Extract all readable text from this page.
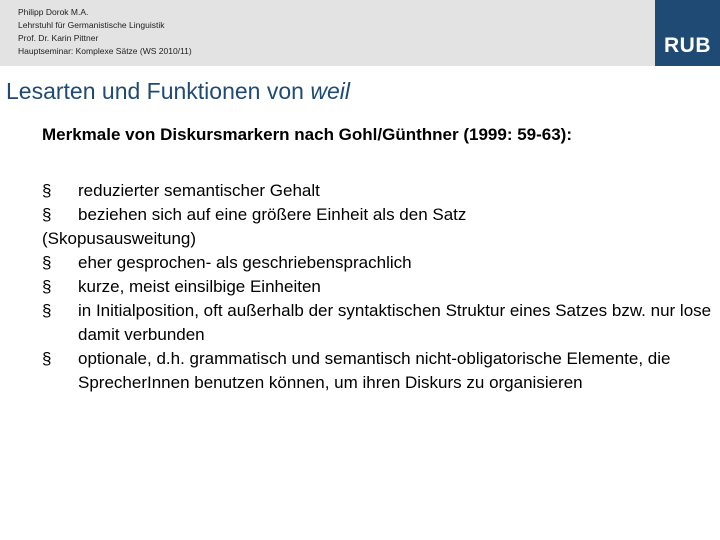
Philipp Dorok M.A.
Lehrstuhl für Germanistische Linguistik
Prof. Dr. Karin Pittner
Hauptseminar: Komplexe Sätze (WS 2010/11)	RUB
Lesarten und Funktionen von weil
Merkmale von Diskursmarkern nach Gohl/Günthner (1999: 59-63):
§	reduzierter semantischer Gehalt
§	beziehen sich auf eine größere Einheit als den Satz
(Skopusausweitung)
§	eher gesprochen- als geschriebensprachlich
§	kurze, meist einsilbige Einheiten
§	in Initialposition, oft außerhalb der syntaktischen Struktur eines Satzes bzw. nur lose damit verbunden
§	optionale, d.h. grammatisch und semantisch nicht-obligatorische Elemente, die SprecherInnen benutzen können, um ihren Diskurs zu organisieren
